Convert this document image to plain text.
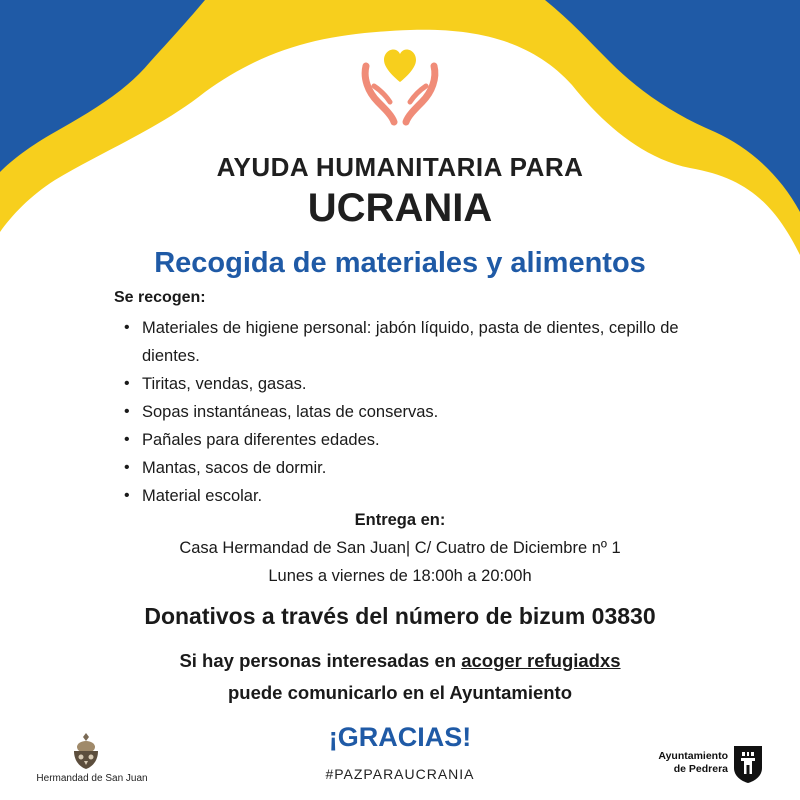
AYUDA HUMANITARIA PARA
UCRANIA
Recogida de materiales y alimentos
Se recogen:
• Materiales de higiene personal: jabón líquido, pasta de dientes, cepillo de dientes.
• Tiritas, vendas, gasas.
• Sopas instantáneas, latas de conservas.
• Pañales para diferentes edades.
• Mantas, sacos de dormir.
• Material escolar.
Entrega en:
Casa Hermandad de San Juan| C/ Cuatro de Diciembre nº 1
Lunes a viernes de 18:00h a 20:00h
Donativos a través del número de bizum 03830
Si hay personas interesadas en acoger refugiadxs
puede comunicarlo en el Ayuntamiento
¡GRACIAS!
#PAZPARAUCRANIA
Hermandad de San Juan
Ayuntamiento
de Pedrera
